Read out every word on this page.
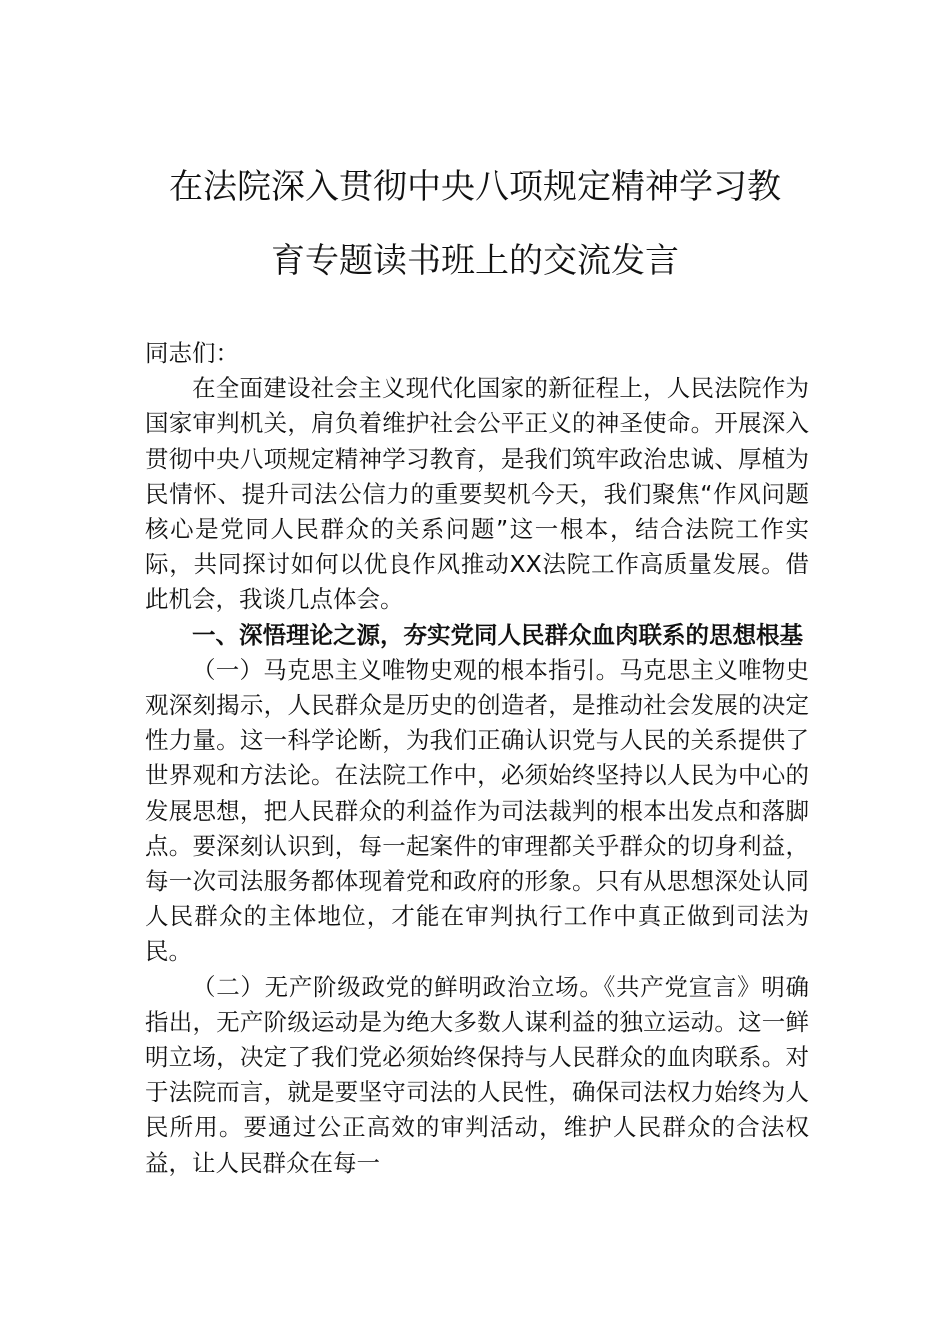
在法院深入贯彻中央八项规定精神学习教
育专题读书班上的交流发言

同志们：

在全面建设社会主义现代化国家的新征程上，人民法院作为国家审判机关，肩负着维护社会公平正义的神圣使命。开展深入贯彻中央八项规定精神学习教育，是我们筑牢政治忠诚、厚植为民情怀、提升司法公信力的重要契机今天，我们聚焦“作风问题核心是党同人民群众的关系问题”这一根本，结合法院工作实际，共同探讨如何以优良作风推动XX法院工作高质量发展。借此机会，我谈几点体会。

一、深悟理论之源，夯实党同人民群众血肉联系的思想根基

（一）马克思主义唯物史观的根本指引。马克思主义唯物史观深刻揭示，人民群众是历史的创造者，是推动社会发展的决定性力量。这一科学论断，为我们正确认识党与人民的关系提供了世界观和方法论。在法院工作中，必须始终坚持以人民为中心的发展思想，把人民群众的利益作为司法裁判的根本出发点和落脚点。要深刻认识到，每一起案件的审理都关乎群众的切身利益，每一次司法服务都体现着党和政府的形象。只有从思想深处认同人民群众的主体地位，才能在审判执行工作中真正做到司法为民。

（二）无产阶级政党的鲜明政治立场。《共产党宣言》明确指出，无产阶级运动是为绝大多数人谋利益的独立运动。这一鲜明立场，决定了我们党必须始终保持与人民群众的血肉联系。对于法院而言，就是要坚守司法的人民性，确保司法权力始终为人民所用。要通过公正高效的审判活动，维护人民群众的合法权益，让人民群众在每一
